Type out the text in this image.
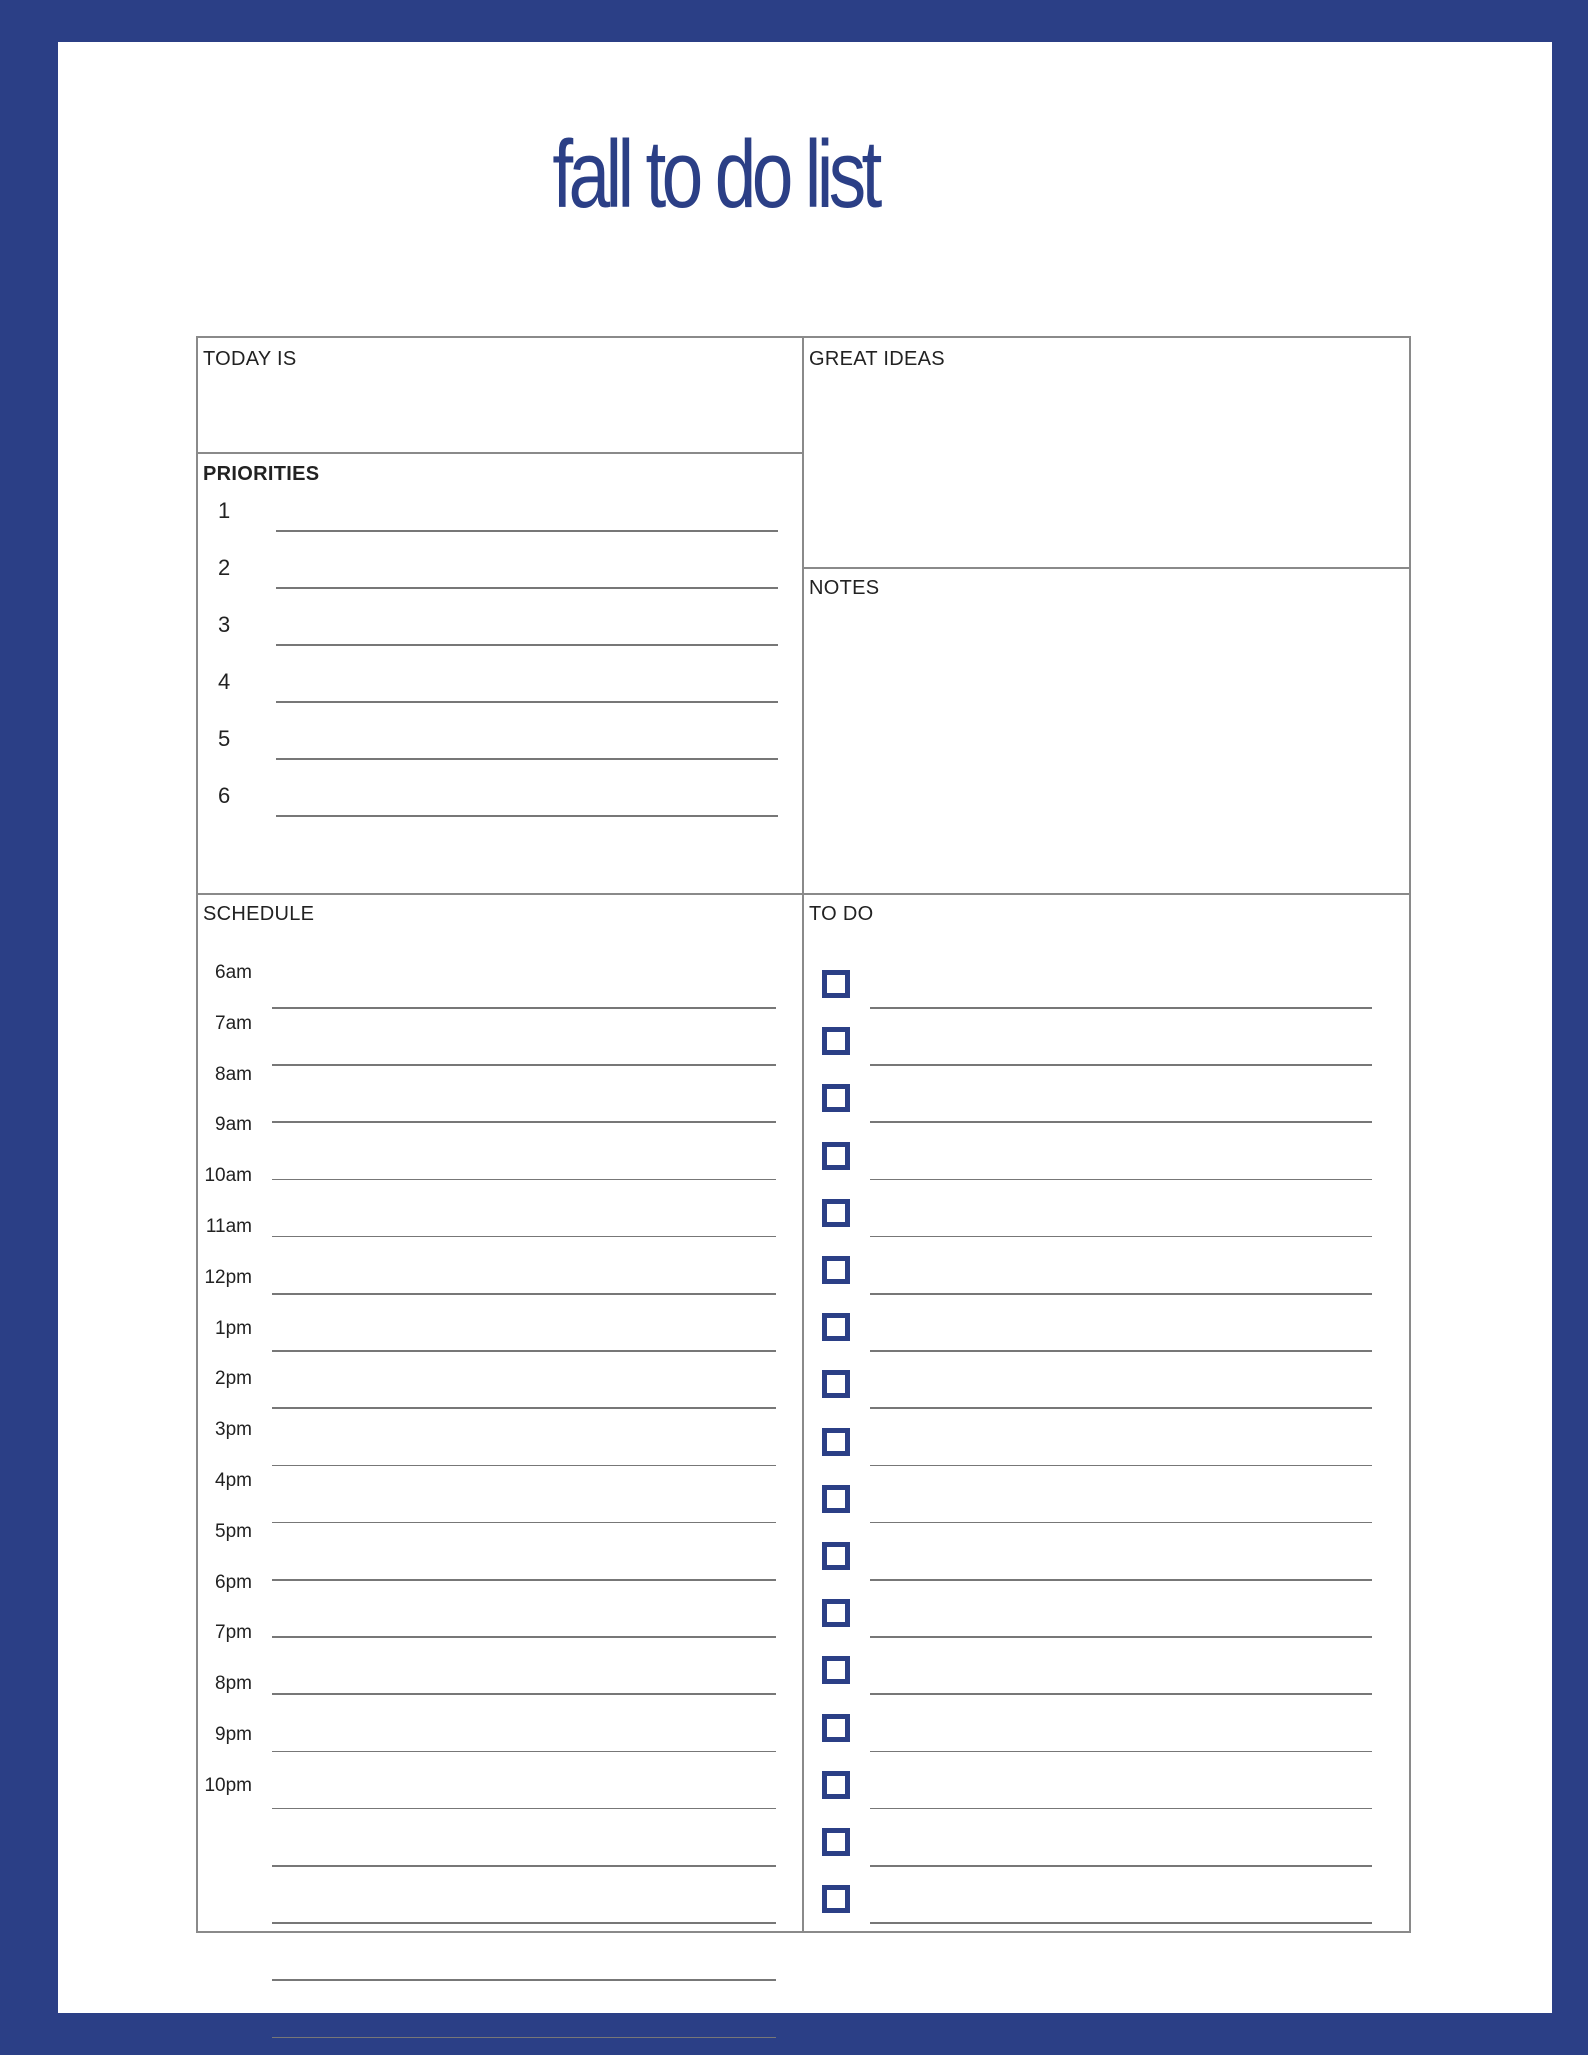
fall to do list
TODAY IS	GREAT IDEAS
PRIORITIES
NOTES
SCHEDULE	TO DO
1
2
3
4
5
6
6am
7am
8am
9am
10am
11am
12pm
1pm
2pm
3pm
4pm
5pm
6pm
7pm
8pm
9pm
10pm
